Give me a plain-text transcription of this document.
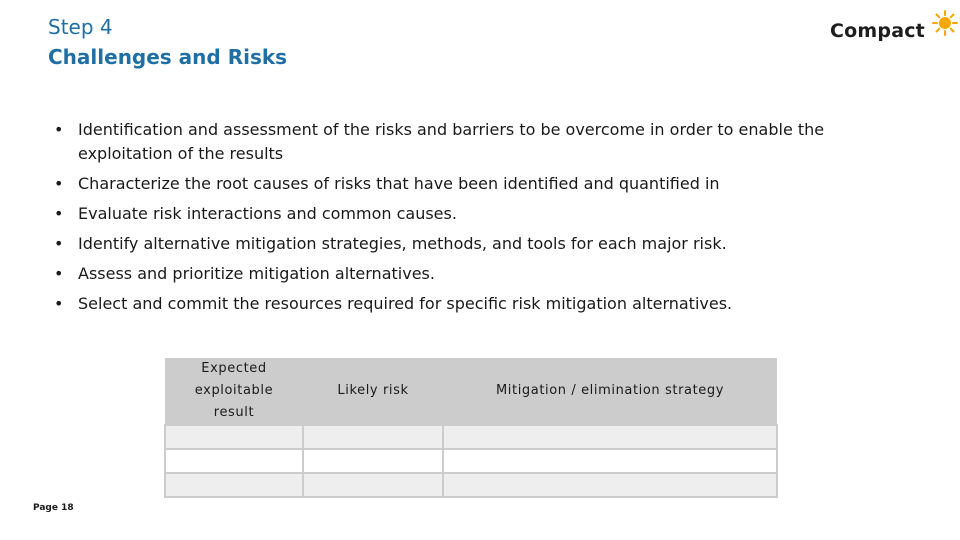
Step 4
Challenges and Risks
Compact
• Identification and assessment of the risks and barriers to be overcome in order to enable the exploitation of the results
• Characterize the root causes of risks that have been identified and quantified in
• Evaluate risk interactions and common causes.
• Identify alternative mitigation strategies, methods, and tools for each major risk.
• Assess and prioritize mitigation alternatives.
• Select and commit the resources required for specific risk mitigation alternatives.
Expected exploitable result	Likely risk	Mitigation / elimination strategy

Page 18
